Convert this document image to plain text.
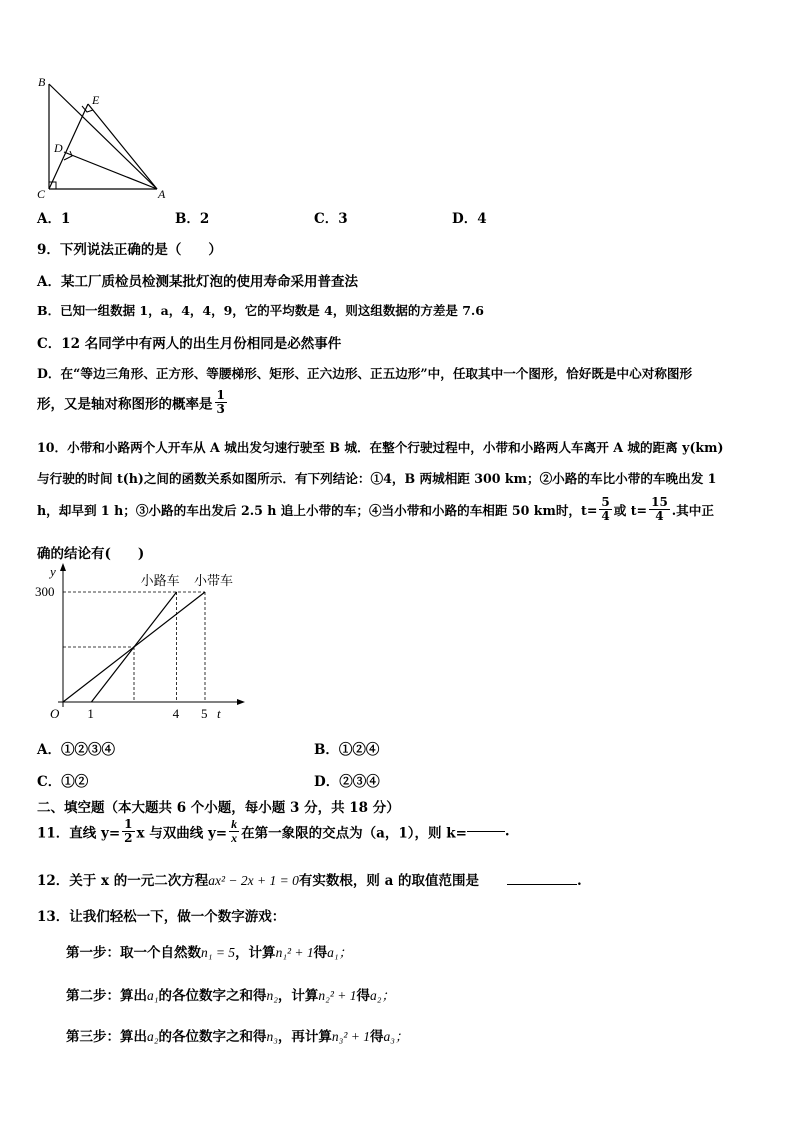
B
E
D
C	A
A．1	B．2	C．3	D．4
9．下列说法正确的是（　　）
A．某工厂质检员检测某批灯泡的使用寿命采用普查法
B．已知一组数据 1，a，4，4，9，它的平均数是 4，则这组数据的方差是 7.6
C．12 名同学中有两人的出生月份相同是必然事件
D．在“等边三角形、正方形、等腰梯形、矩形、正六边形、正五边形”中，任取其中一个图形，恰好既是中心对称图形
形，又是轴对称图形的概率是 $\frac{1}{3}$
10．小带和小路两个人开车从 A 城出发匀速行驶至 B 城．在整个行驶过程中，小带和小路两人车离开 A 城的距离 y(km)
与行驶的时间 t(h)之间的函数关系如图所示．有下列结论：①4，B 两城相距 300 km；②小路的车比小带的车晚出发 1
h，却早到 1 h；③小路的车出发后 2.5 h 追上小带的车；④当小带和小路的车相距 50 km时，$t= \frac{5}{4}$ 或 $t= \frac{15}{4}$ .其中正
确的结论有(　　)
小路车 小带车
O 1	4 5
300
t
y
A．①②③④	B．①②④
C．①②	D．②③④
二、填空题（本大题共 6 个小题，每小题 3 分，共 18 分）
11．直线 $y= \frac{1}{2}$ x 与双曲线 $y= \frac{k}{x}$ 在第一象限的交点为（a，1），则 k=	.
12．关于 x 的一元二次方程ax² − 2x + 1 = 0有实数根，则 a 的取值范围是	.
13．让我们轻松一下，做一个数字游戏：
第一步：取一个自然数n₁ = 5，计算n₁² + 1得a₁；
第二步：算出a₁的各位数字之和得n₂，计算n₂² + 1得a₂；
第三步：算出a₂的各位数字之和得n₃，再计算n₃² + 1得a₃；
